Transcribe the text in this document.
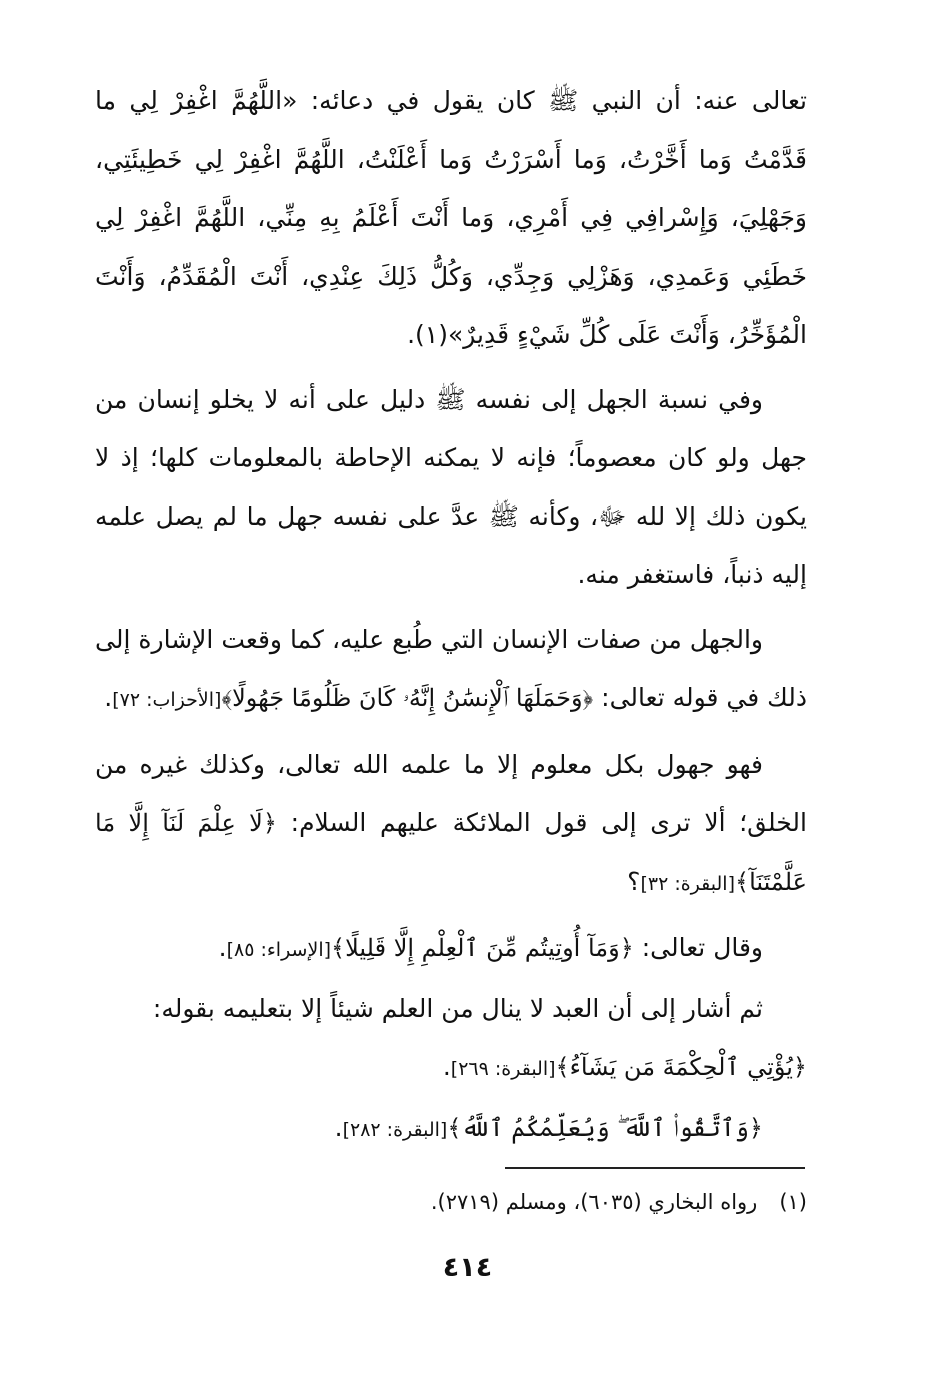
تعالى عنه: أن النبي ﷺ كان يقول في دعائه: «اللَّهُمَّ اغْفِرْ لِي ما قَدَّمْتُ وَما أَخَّرْتُ، وَما أَسْرَرْتُ وَما أَعْلَنْتُ، اللَّهُمَّ اغْفِرْ لِي خَطِيئَتِي، وَجَهْلِيَ، وَإِسْرافِي فِي أَمْرِي، وَما أَنْتَ أَعْلَمُ بِهِ مِنِّي، اللَّهُمَّ اغْفِرْ لِي خَطَئِي وَعَمدِي، وَهَزْلِي وَجِدِّي، وَكُلُّ ذَلِكَ عِنْدِي، أَنْتَ الْمُقَدِّمُ، وَأَنْتَ الْمُؤَخِّرُ، وَأَنْتَ عَلَى كُلِّ شَيْءٍ قَدِيرٌ»(١).

وفي نسبة الجهل إلى نفسه ﷺ دليل على أنه لا يخلو إنسان من جهل ولو كان معصوماً؛ فإنه لا يمكنه الإحاطة بالمعلومات كلها؛ إذ لا يكون ذلك إلا لله ﷻ، وكأنه ﷺ عدَّ على نفسه جهل ما لم يصل علمه إليه ذنباً، فاستغفر منه.

والجهل من صفات الإنسان التي طُبع عليه، كما وقعت الإشارة إلى ذلك في قوله تعالى: ﴿وَحَمَلَهَا ٱلْإِنسَٰنُ إِنَّهُۥ كَانَ ظَلُومًا جَهُولًا﴾[الأحزاب: ٧٢].

فهو جهول بكل معلوم إلا ما علمه الله تعالى، وكذلك غيره من الخلق؛ ألا ترى إلى قول الملائكة عليهم السلام: ﴿لَا عِلْمَ لَنَآ إِلَّا مَا عَلَّمْتَنَآ﴾[البقرة: ٣٢]؟

وقال تعالى: ﴿وَمَآ أُوتِيتُم مِّنَ ٱلْعِلْمِ إِلَّا قَلِيلًا﴾[الإسراء: ٨٥].

ثم أشار إلى أن العبد لا ينال من العلم شيئاً إلا بتعليمه بقوله:

﴿يُؤْتِي ٱلْحِكْمَةَ مَن يَشَآءُ﴾[البقرة: ٢٦٩].

﴿وَٱتَّقُوا۟ ٱللَّهَ ۖ وَيُعَلِّمُكُمُ ٱللَّهُ﴾[البقرة: ٢٨٢].

(١)رواه البخاري (٦٠٣٥)، ومسلم (٢٧١٩).
٤١٤
